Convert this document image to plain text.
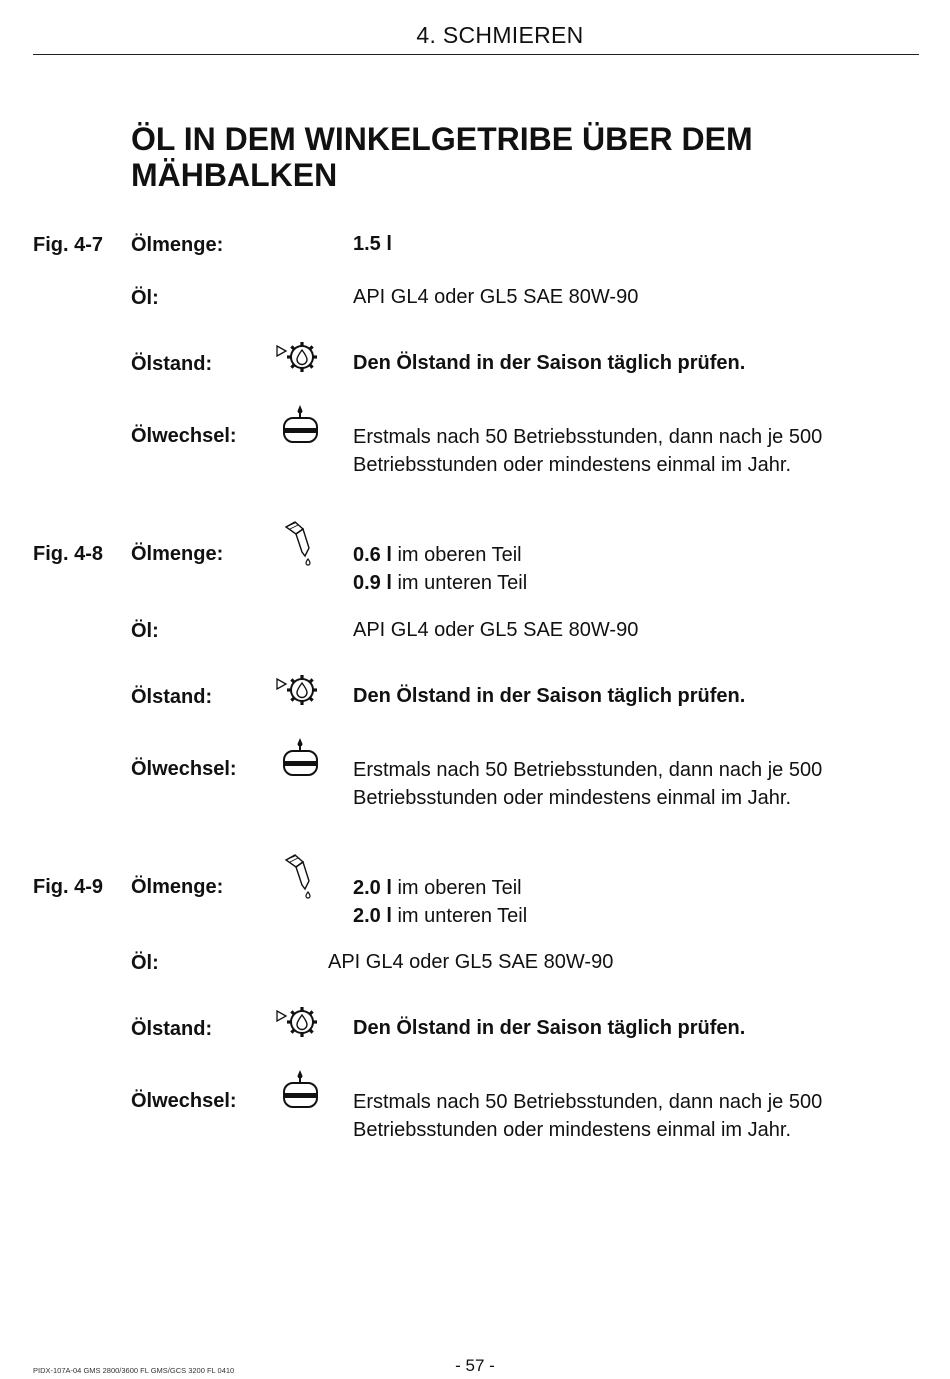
4. SCHMIEREN
ÖL IN DEM WINKELGETRIBE ÜBER DEM
MÄHBALKEN
Fig. 4-7 Ölmenge:	1.5 l
Öl:	API GL4 oder GL5 SAE 80W-90
Ölstand:	Den Ölstand in der Saison täglich prüfen.
Ölwechsel:	Erstmals nach 50 Betriebsstunden, dann nach je 500
Betriebsstunden oder mindestens einmal im Jahr.
Fig. 4-8 Ölmenge:	0.6 l im oberen Teil
0.9 l im unteren Teil
Öl:	API GL4 oder GL5 SAE 80W-90
Ölstand:	Den Ölstand in der Saison täglich prüfen.
Ölwechsel:	Erstmals nach 50 Betriebsstunden, dann nach je 500
Betriebsstunden oder mindestens einmal im Jahr.
Fig. 4-9 Ölmenge:	2.0 l im oberen Teil
2.0 l im unteren Teil
Öl:	API GL4 oder GL5 SAE 80W-90
Ölstand:	Den Ölstand in der Saison täglich prüfen.
Ölwechsel:	Erstmals nach 50 Betriebsstunden, dann nach je 500
Betriebsstunden oder mindestens einmal im Jahr.
- 57 -
PIDX-107A-04 GMS 2800/3600 FL GMS/GCS 3200 FL 0410
